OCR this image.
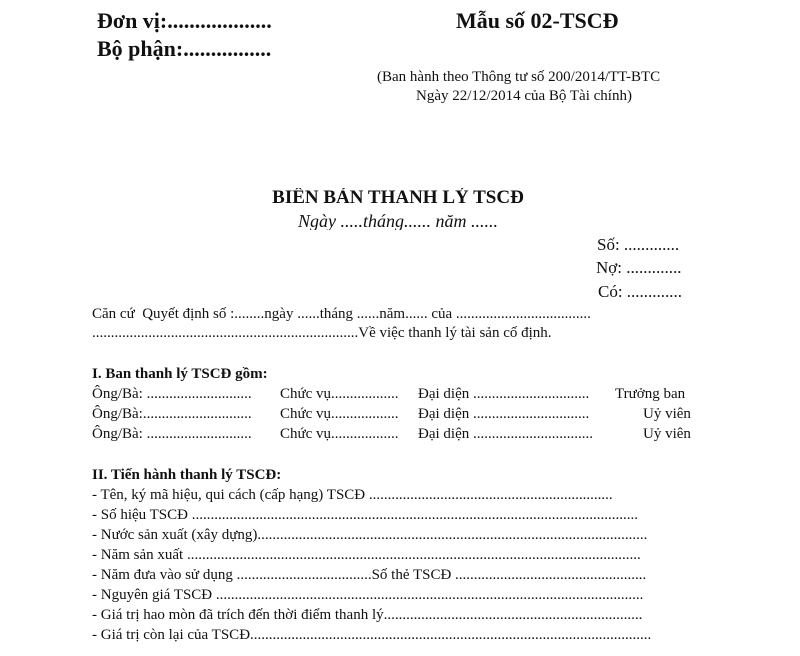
Đơn vị:...................
Bộ phận:................
Mẫu số 02-TSCĐ
(Ban hành theo Thông tư số 200/2014/TT-BTC
Ngày 22/12/2014 của Bộ Tài chính)
BIÊN BẢN THANH LÝ TSCĐ
Ngày .....tháng...... năm ......
Số: .............
Nợ: .............
Có: .............
Căn cứ  Quyết định số :........ngày ......tháng ......năm...... của ....................................
.......................................................................Về việc thanh lý tài sản cố định.
I. Ban thanh lý TSCĐ gồm:
Ông/Bà: ............................ Chức vụ.................. Đại diện ............................... Trưởng ban
Ông/Bà:............................. Chức vụ.................. Đại diện ...............................	Uỷ viên
Ông/Bà: ............................ Chức vụ.................. Đại diện ................................	Uỷ viên
II. Tiến hành thanh lý TSCĐ:
- Tên, ký mã hiệu, qui cách (cấp hạng) TSCĐ .................................................................
- Số hiệu TSCĐ .......................................................................................................................
- Nước sản xuất (xây dựng)........................................................................................................
- Năm sản xuất .........................................................................................................................
- Năm đưa vào sử dụng ....................................Số thẻ TSCĐ ...................................................
- Nguyên giá TSCĐ ..................................................................................................................
- Giá trị hao mòn đã trích đến thời điểm thanh lý.....................................................................
- Giá trị còn lại của TSCĐ...........................................................................................................
